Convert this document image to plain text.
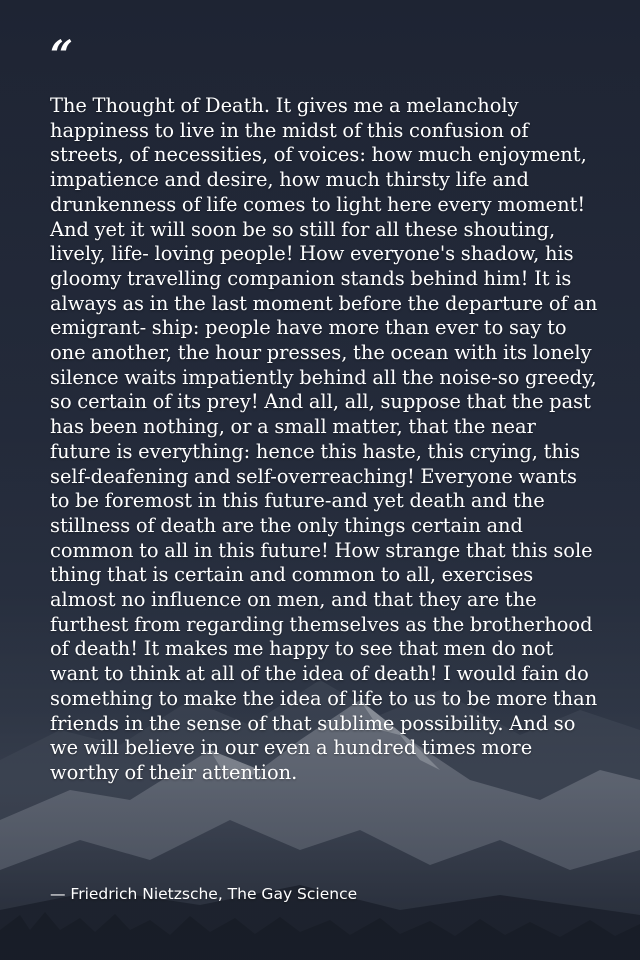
“

The Thought of Death. It gives me a melancholy happiness to live in the midst of this confusion of streets, of necessities, of voices: how much enjoyment, impatience and desire, how much thirsty life and drunkenness of life comes to light here every moment! And yet it will soon be so still for all these shouting, lively, life- loving people! How everyone's shadow, his gloomy travelling companion stands behind him! It is always as in the last moment before the departure of an emigrant- ship: people have more than ever to say to one another, the hour presses, the ocean with its lonely silence waits impatiently behind all the noise-so greedy, so certain of its prey! And all, all, suppose that the past has been nothing, or a small matter, that the near future is everything: hence this haste, this crying, this self-deafening and self-overreaching! Everyone wants to be foremost in this future-and yet death and the stillness of death are the only things certain and common to all in this future! How strange that this sole thing that is certain and common to all, exercises almost no influence on men, and that they are the furthest from regarding themselves as the brotherhood of death! It makes me happy to see that men do not want to think at all of the idea of death! I would fain do something to make the idea of life to us to be more than friends in the sense of that sublime possibility. And so we will believe in our even a hundred times more worthy of their attention.

— Friedrich Nietzsche, The Gay Science
